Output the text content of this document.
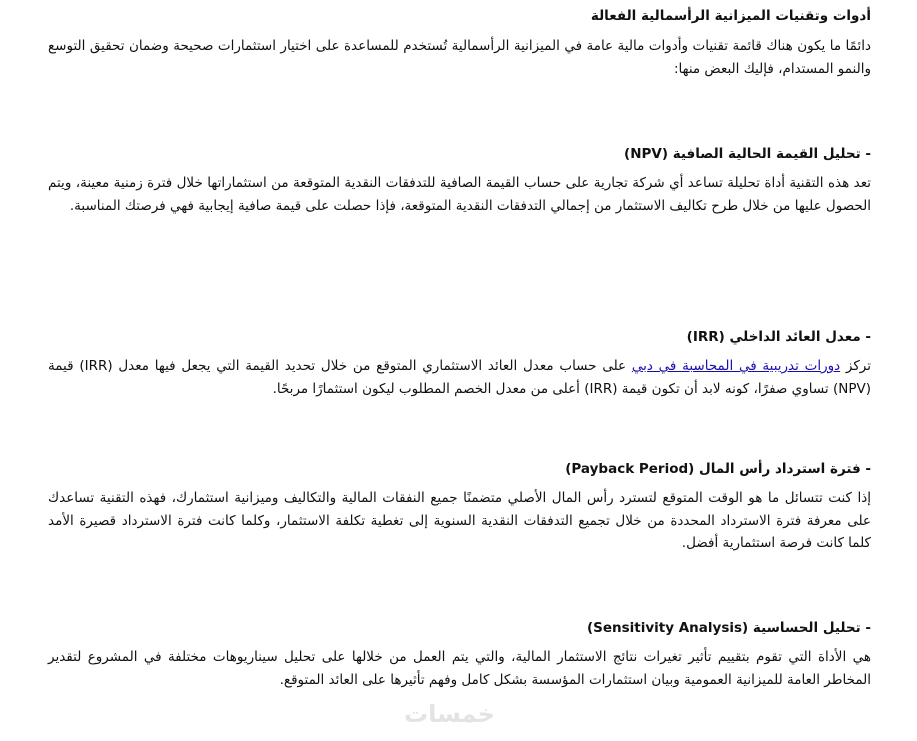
أدوات وتقنيات الميزانية الرأسمالية الفعالة
دائمًا ما يكون هناك قائمة تقنيات وأدوات مالية عامة في الميزانية الرأسمالية تُستخدم للمساعدة على اختيار استثمارات صحيحة وضمان تحقيق التوسع والنمو المستدام، فإليك البعض منها:
- تحليل القيمة الحالية الصافية (NPV)
تعد هذه التقنية أداة تحليلة تساعد أي شركة تجارية على حساب القيمة الصافية للتدفقات النقدية المتوقعة من استثماراتها خلال فترة زمنية معينة، ويتم الحصول عليها من خلال طرح تكاليف الاستثمار من إجمالي التدفقات النقدية المتوقعة، فإذا حصلت على قيمة صافية إيجابية فهي فرصتك المناسبة.
- معدل العائد الداخلي (IRR)
تركز دورات تدريبية في المحاسبة في دبي على حساب معدل العائد الاستثماري المتوقع من خلال تحديد القيمة التي يجعل فيها معدل (IRR) قيمة (NPV) تساوي صفرًا، كونه لابد أن تكون قيمة (IRR) أعلى من معدل الخصم المطلوب ليكون استثمارًا مربحًا.
- فترة استرداد رأس المال (Payback Period)
إذا كنت تتسائل ما هو الوقت المتوقع لتسترد رأس المال الأصلي متضمنًا جميع النفقات المالية والتكاليف وميزانية استثمارك، فهذه التقنية تساعدك على معرفة فترة الاسترداد المحددة من خلال تجميع التدفقات النقدية السنوية إلى تغطية تكلفة الاستثمار، وكلما كانت فترة الاسترداد قصيرة الأمد كلما كانت فرصة استثمارية أفضل.
- تحليل الحساسية (Sensitivity Analysis)
هي الأداة التي تقوم بتقييم تأثير تغيرات نتائج الاستثمار المالية، والتي يتم العمل من خلالها على تحليل سيناريوهات مختلفة في المشروع لتقدير المخاطر العامة للميزانية العمومية وبيان استثمارات المؤسسة بشكل كامل وفهم تأثيرها على العائد المتوقع.
خمسات
